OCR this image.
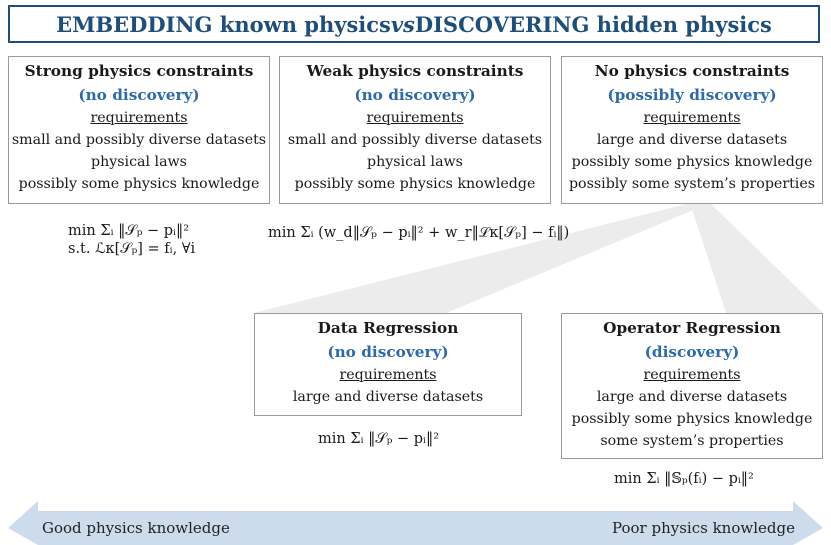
EMBEDDING known physics vs DISCOVERING hidden physics
Strong physics constraints
(no discovery)
requirements
small and possibly diverse datasets
physical laws
possibly some physics knowledge
Weak physics constraints
(no discovery)
requirements
small and possibly diverse datasets
physical laws
possibly some physics knowledge
No physics constraints
(possibly discovery)
requirements
large and diverse datasets
possibly some physics knowledge
possibly some system’s properties
min Σᵢ ‖𝒮ₚ − pᵢ‖²
s.t. ℒκ[𝒮ₚ] = fᵢ, ∀i
min Σᵢ (w_d‖𝒮ₚ − pᵢ‖² + w_r‖ℒκ[𝒮ₚ] − fᵢ‖)
Data Regression
(no discovery)
requirements
large and diverse datasets
Operator Regression
(discovery)
requirements
large and diverse datasets
possibly some physics knowledge
some system’s properties
min Σᵢ ‖𝒮ₚ − pᵢ‖²
min Σᵢ ‖𝕊ₚ(fᵢ) − pᵢ‖²
Good physics knowledge	Poor physics knowledge
